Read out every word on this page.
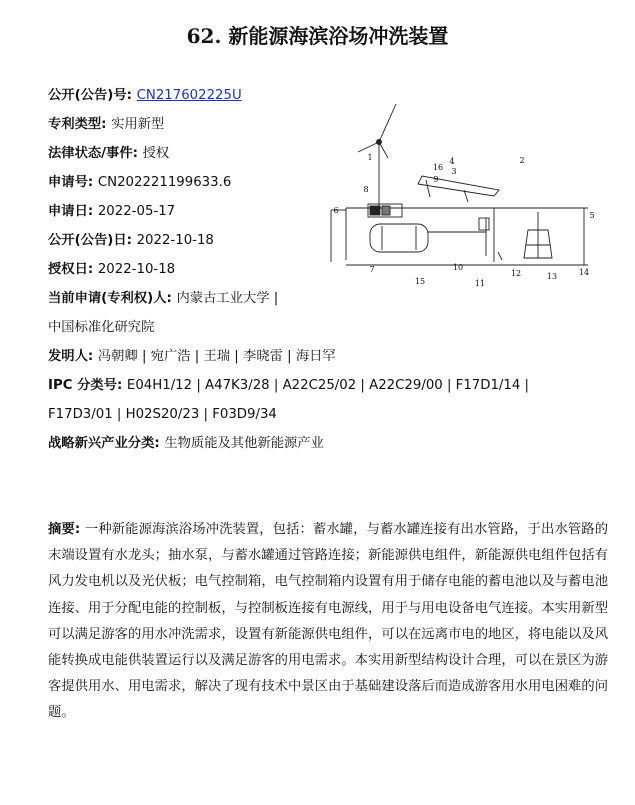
62. 新能源海滨浴场冲洗装置
公开(公告)号: CN217602225U
专利类型: 实用新型
法律状态/事件: 授权
申请号: CN202221199633.6
申请日: 2022-05-17
公开(公告)日: 2022-10-18
授权日: 2022-10-18
当前申请(专利权)人: 内蒙古工业大学 |
中国标准化研究院
发明人: 冯朝卿 | 宛广浩 | 王瑞 | 李晓雷 | 海日罕
IPC 分类号: E04H1/12 | A47K3/28 | A22C25/02 | A22C29/00 | F17D1/14 |
F17D3/01 | H02S20/23 | F03D9/34
战略新兴产业分类: 生物质能及其他新能源产业
摘要: 一种新能源海滨浴场冲洗装置，包括：蓄水罐，与蓄水罐连接有出水管路，于出水管路的末端设置有水龙头；抽水泵，与蓄水罐通过管路连接；新能源供电组件，新能源供电组件包括有风力发电机以及光伏板；电气控制箱，电气控制箱内设置有用于储存电能的蓄电池以及与蓄电池连接、用于分配电能的控制板，与控制板连接有电源线，用于与用电设备电气连接。本实用新型可以满足游客的用水冲洗需求，设置有新能源供电组件，可以在远离市电的地区，将电能以及风能转换成电能供装置运行以及满足游客的用电需求。本实用新型结构设计合理，可以在景区为游客提供用水、用电需求，解决了现有技术中景区由于基础建设落后而造成游客用水用电困难的问题。
1	2
3
4
5
6
7
8
9
10
11
12	13	14
15
16
